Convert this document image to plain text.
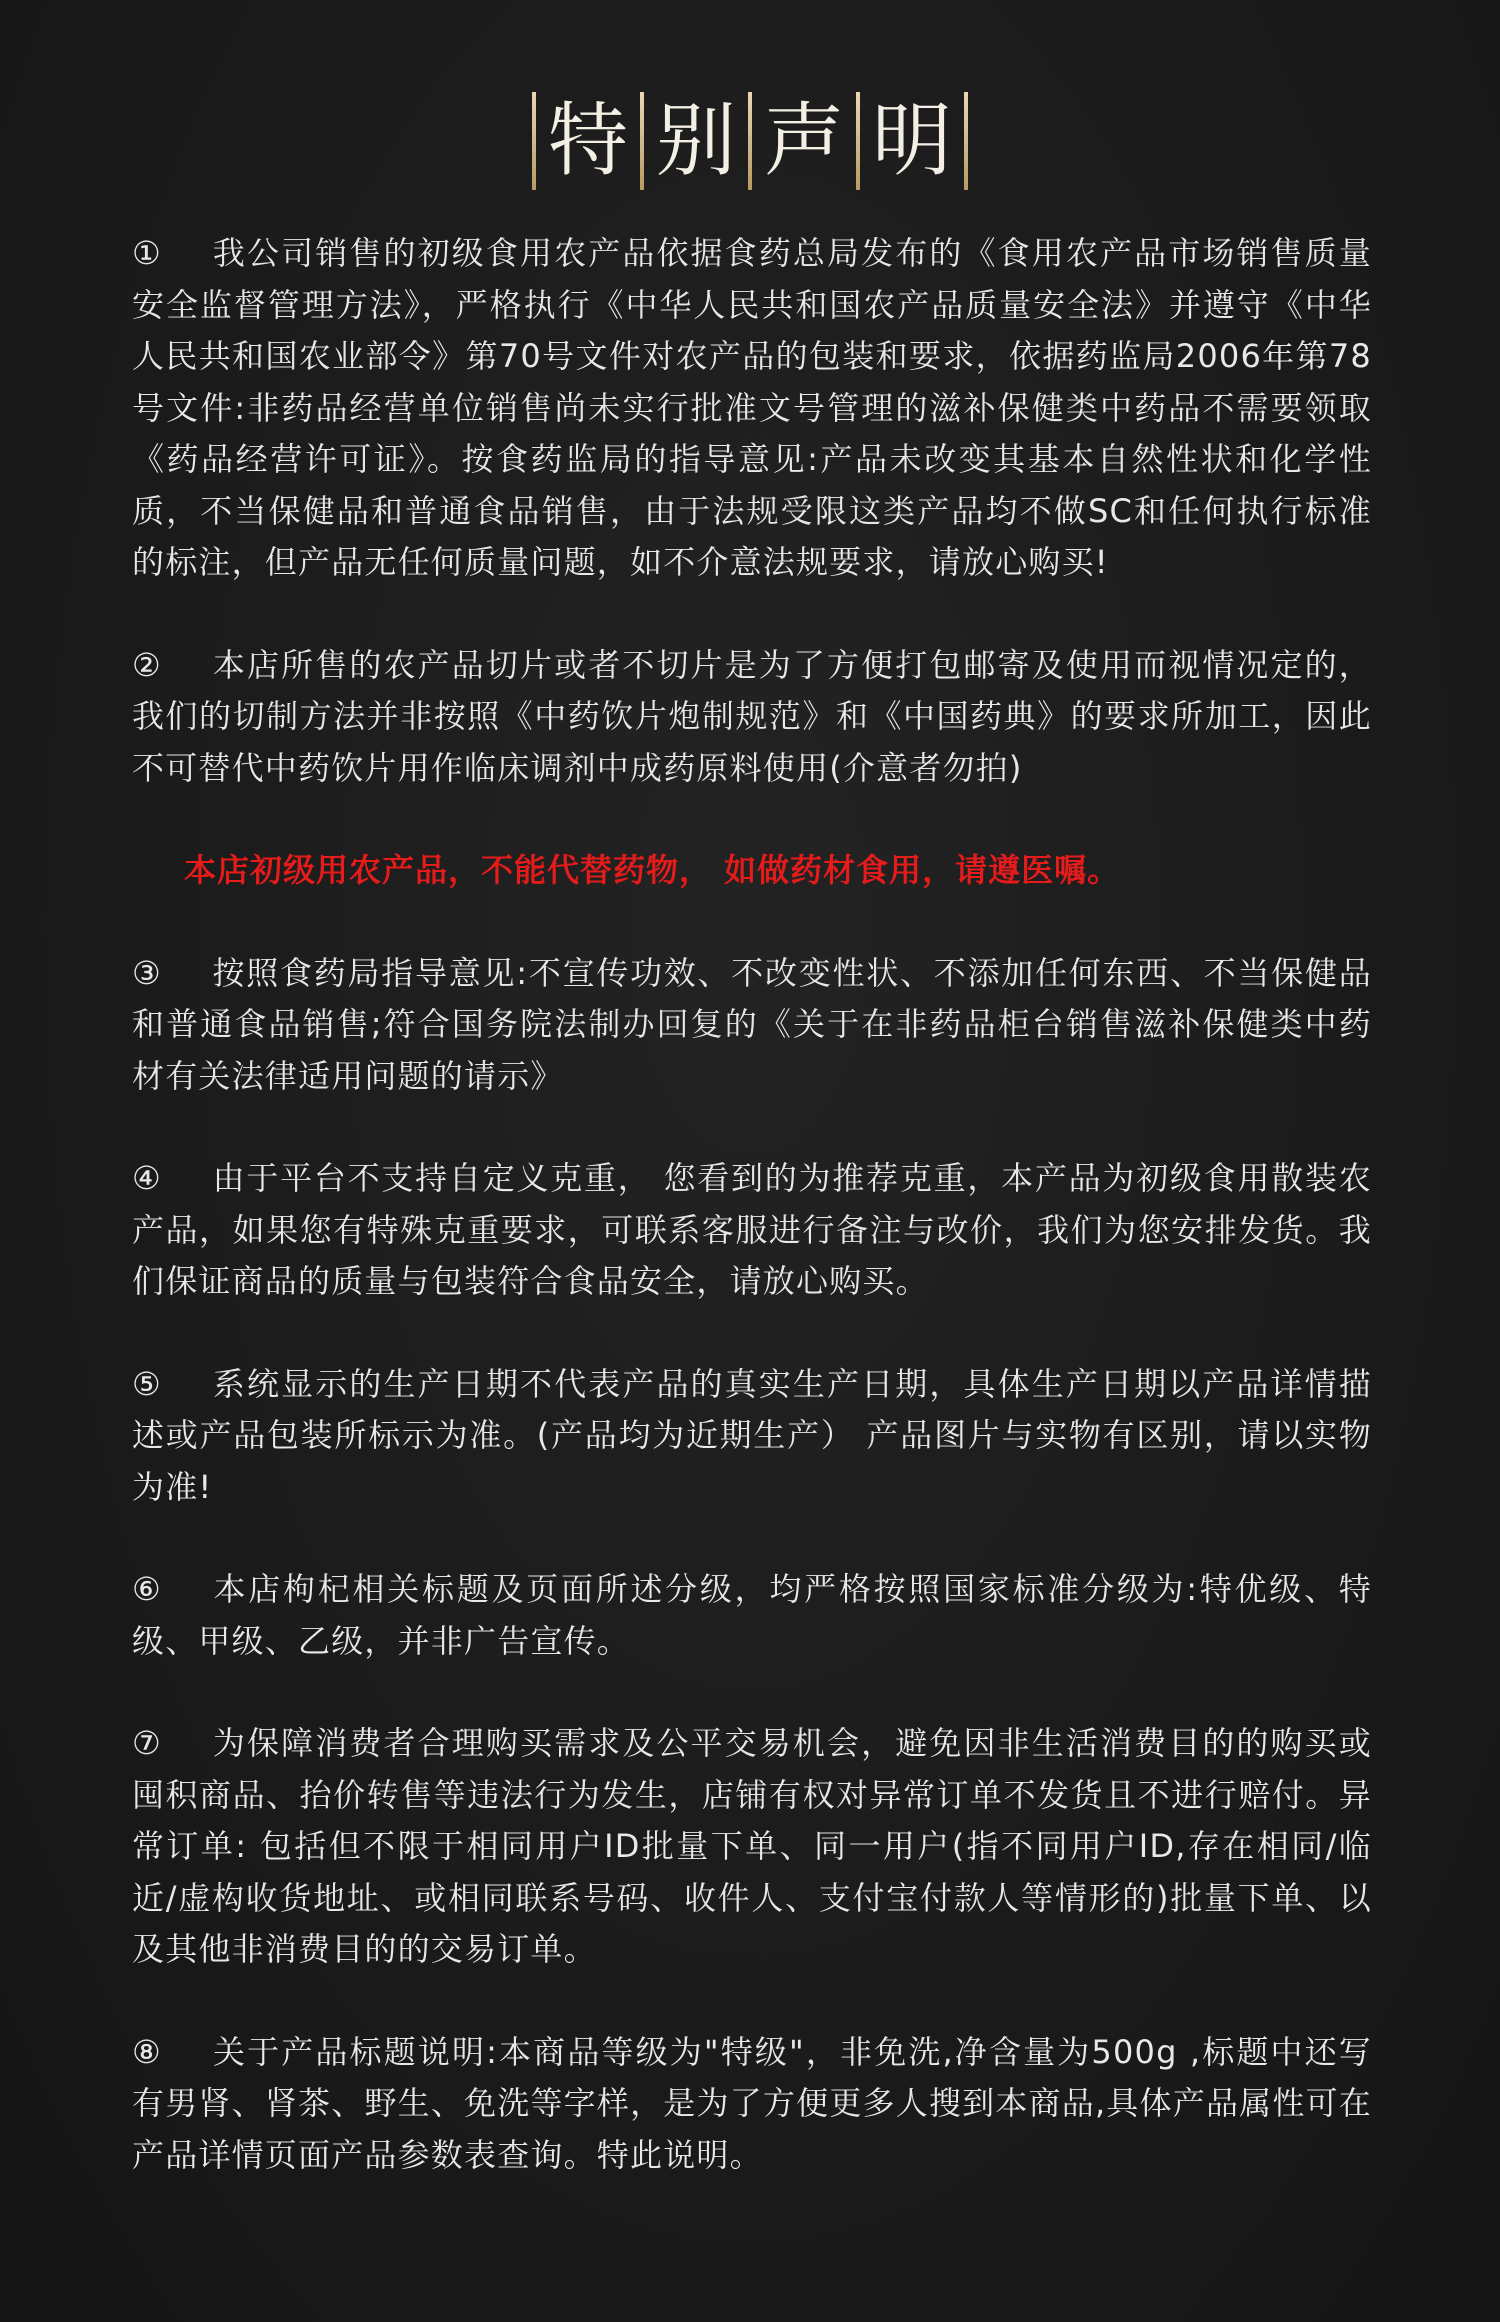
特 别 声 明

① 我公司销售的初级食用农产品依据食药总局发布的《食用农产品市场销售质量安全监督管理方法》，严格执行《中华人民共和国农产品质量安全法》并遵守《中华人民共和国农业部令》第70号文件对农产品的包装和要求，依据药监局2006年第78号文件:非药品经营单位销售尚未实行批准文号管理的滋补保健类中药品不需要领取《药品经营许可证》。按食药监局的指导意见:产品未改变其基本自然性状和化学性质，不当保健品和普通食品销售，由于法规受限这类产品均不做SC和任何执行标准的标注，但产品无任何质量问题，如不介意法规要求，请放心购买!

② 本店所售的农产品切片或者不切片是为了方便打包邮寄及使用而视情况定的，我们的切制方法并非按照《中药饮片炮制规范》和《中国药典》的要求所加工，因此不可替代中药饮片用作临床调剂中成药原料使用(介意者勿拍)

本店初级用农产品，不能代替药物， 如做药材食用，请遵医嘱。

③ 按照食药局指导意见:不宣传功效、不改变性状、不添加任何东西、不当保健品和普通食品销售;符合国务院法制办回复的《关于在非药品柜台销售滋补保健类中药材有关法律适用问题的请示》

④ 由于平台不支持自定义克重， 您看到的为推荐克重，本产品为初级食用散装农产品，如果您有特殊克重要求，可联系客服进行备注与改价，我们为您安排发货。我们保证商品的质量与包装符合食品安全，请放心购买。

⑤ 系统显示的生产日期不代表产品的真实生产日期，具体生产日期以产品详情描述或产品包装所标示为准。(产品均为近期生产） 产品图片与实物有区别，请以实物为准!

⑥ 本店枸杞相关标题及页面所述分级，均严格按照国家标准分级为:特优级、特级、甲级、乙级，并非广告宣传。

⑦ 为保障消费者合理购买需求及公平交易机会，避免因非生活消费目的的购买或囤积商品、抬价转售等违法行为发生，店铺有权对异常订单不发货且不进行赔付。异常订单: 包括但不限于相同用户ID批量下单、同一用户(指不同用户ID,存在相同/临近/虚构收货地址、或相同联系号码、收件人、支付宝付款人等情形的)批量下单、以及其他非消费目的的交易订单。

⑧ 关于产品标题说明:本商品等级为"特级"，非免洗,净含量为500g ,标题中还写有男肾、肾茶、野生、免洗等字样，是为了方便更多人搜到本商品,具体产品属性可在产品详情页面产品参数表查询。特此说明。
